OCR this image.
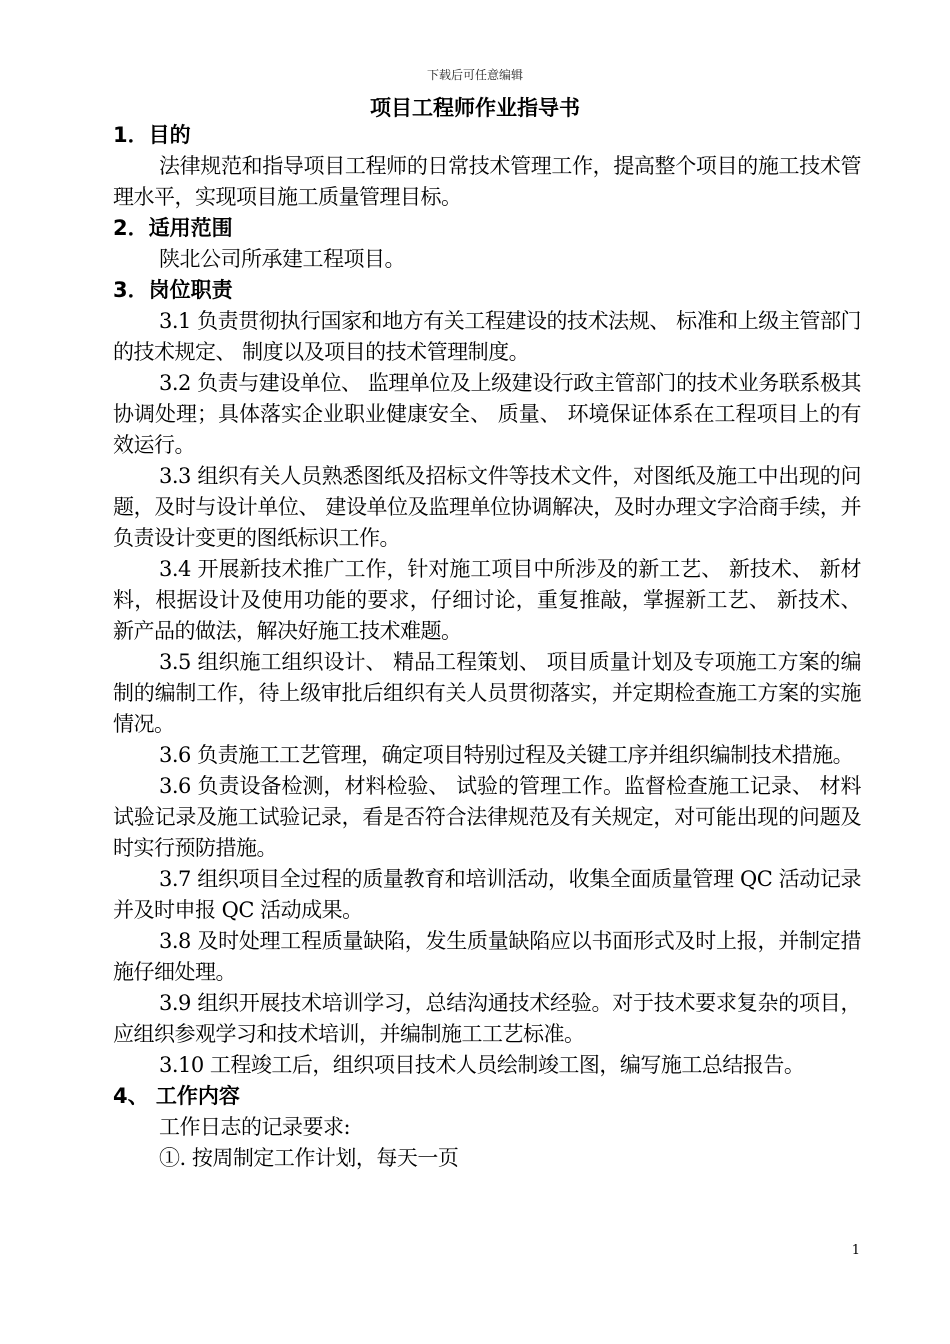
下载后可任意编辑
项目工程师作业指导书

1．目的

法律规范和指导项目工程师的日常技术管理工作，提高整个项目的施工技术管理水平，实现项目施工质量管理目标。

2．适用范围

陕北公司所承建工程项目。

3．岗位职责

3.1 负责贯彻执行国家和地方有关工程建设的技术法规、 标准和上级主管部门的技术规定、 制度以及项目的技术管理制度。

3.2 负责与建设单位、 监理单位及上级建设行政主管部门的技术业务联系极其协调处理；具体落实企业职业健康安全、 质量、 环境保证体系在工程项目上的有效运行。

3.3 组织有关人员熟悉图纸及招标文件等技术文件，对图纸及施工中出现的问题，及时与设计单位、 建设单位及监理单位协调解决，及时办理文字洽商手续，并负责设计变更的图纸标识工作。

3.4 开展新技术推广工作，针对施工项目中所涉及的新工艺、 新技术、 新材料，根据设计及使用功能的要求，仔细讨论，重复推敲，掌握新工艺、 新技术、 新产品的做法，解决好施工技术难题。

3.5 组织施工组织设计、 精品工程策划、 项目质量计划及专项施工方案的编制的编制工作，待上级审批后组织有关人员贯彻落实，并定期检查施工方案的实施情况。

3.6 负责施工工艺管理，确定项目特别过程及关键工序并组织编制技术措施。

3.6 负责设备检测，材料检验、 试验的管理工作。监督检查施工记录、 材料试验记录及施工试验记录，看是否符合法律规范及有关规定，对可能出现的问题及时实行预防措施。

3.7 组织项目全过程的质量教育和培训活动，收集全面质量管理 QC 活动记录并及时申报 QC 活动成果。

3.8 及时处理工程质量缺陷，发生质量缺陷应以书面形式及时上报，并制定措施仔细处理。

3.9 组织开展技术培训学习，总结沟通技术经验。对于技术要求复杂的项目，应组织参观学习和技术培训，并编制施工工艺标准。

3.10 工程竣工后，组织项目技术人员绘制竣工图，编写施工总结报告。

4、 工作内容

工作日志的记录要求:

①. 按周制定工作计划，每天一页

1
